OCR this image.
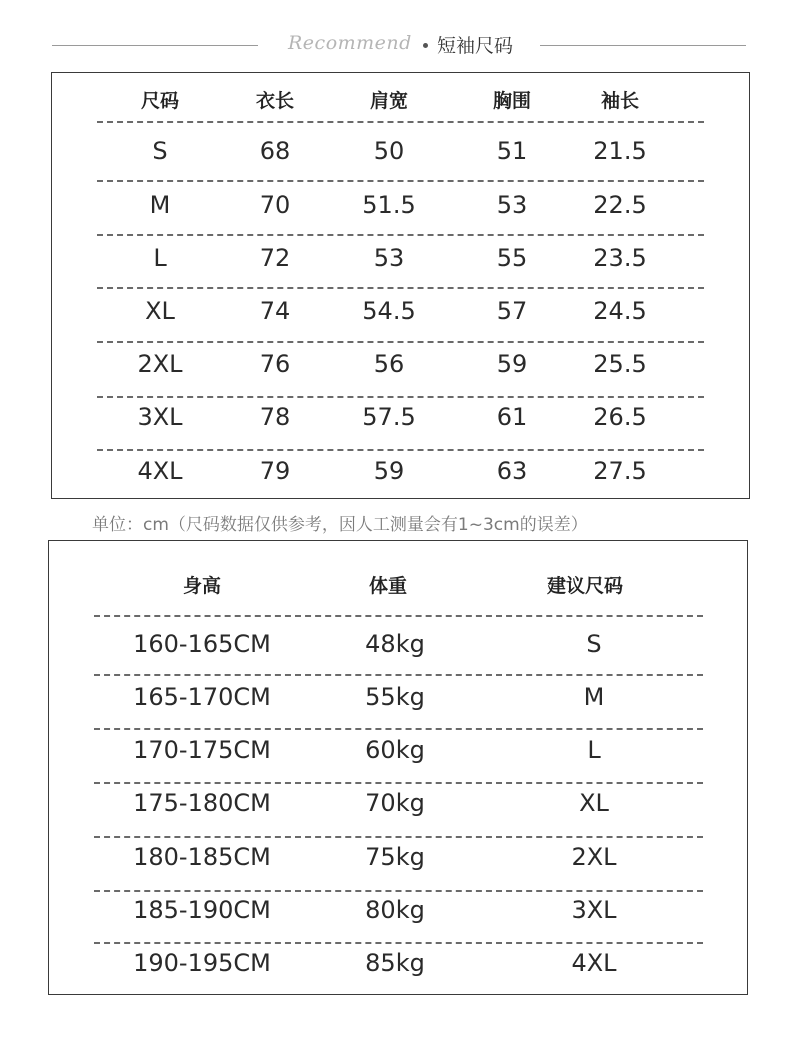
Recommend 短袖尺码
尺码	衣长	肩宽	胸围	袖长
S	68	50	51	21.5
M	70	51.5	53	22.5
L	72	53	55	23.5
XL	74	54.5	57	24.5
2XL	76	56	59	25.5
3XL	78	57.5	61	26.5
4XL	79	59	63	27.5
单位：cm（尺码数据仅供参考，因人工测量会有1~3cm的误差）
身高	体重	建议尺码
160-165CM	48kg	S
165-170CM	55kg	M
170-175CM	60kg	L
175-180CM	70kg	XL
180-185CM	75kg	2XL
185-190CM	80kg	3XL
190-195CM	85kg	4XL
